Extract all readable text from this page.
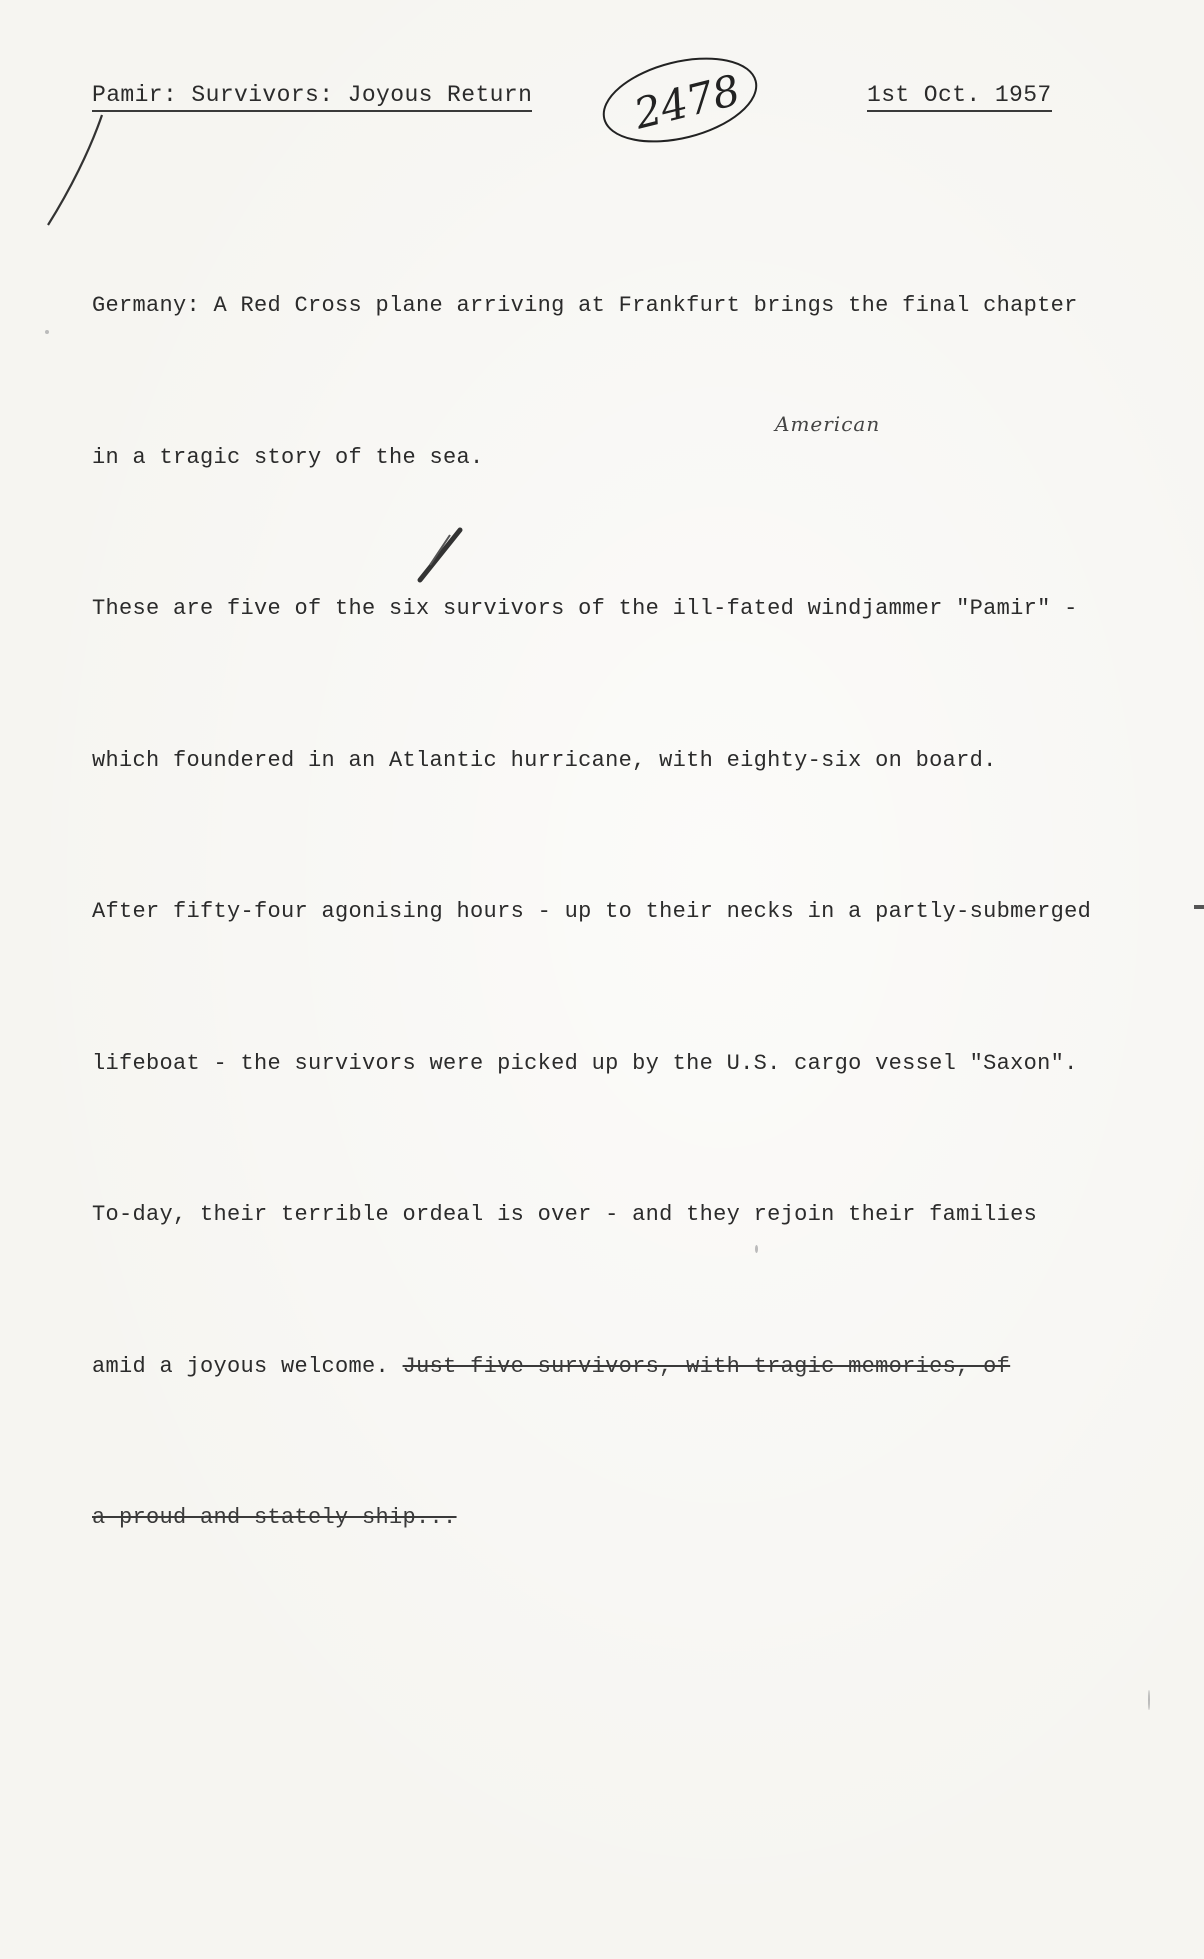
Pamir: Survivors: Joyous Return	1st Oct. 1957
2478
American

Germany: A Red Cross plane arriving at Frankfurt brings the final chapter

in a tragic story of the sea.

These are five of the six survivors of the ill-fated windjammer "Pamir" -

which foundered in an Atlantic hurricane, with eighty-six on board.

After fifty-four agonising hours - up to their necks in a partly-submerged

lifeboat - the survivors were picked up by the U.S. cargo vessel "Saxon".

To-day, their terrible ordeal is over - and they rejoin their families

amid a joyous welcome. Just five survivors, with tragic memories, of

a proud and stately ship...
